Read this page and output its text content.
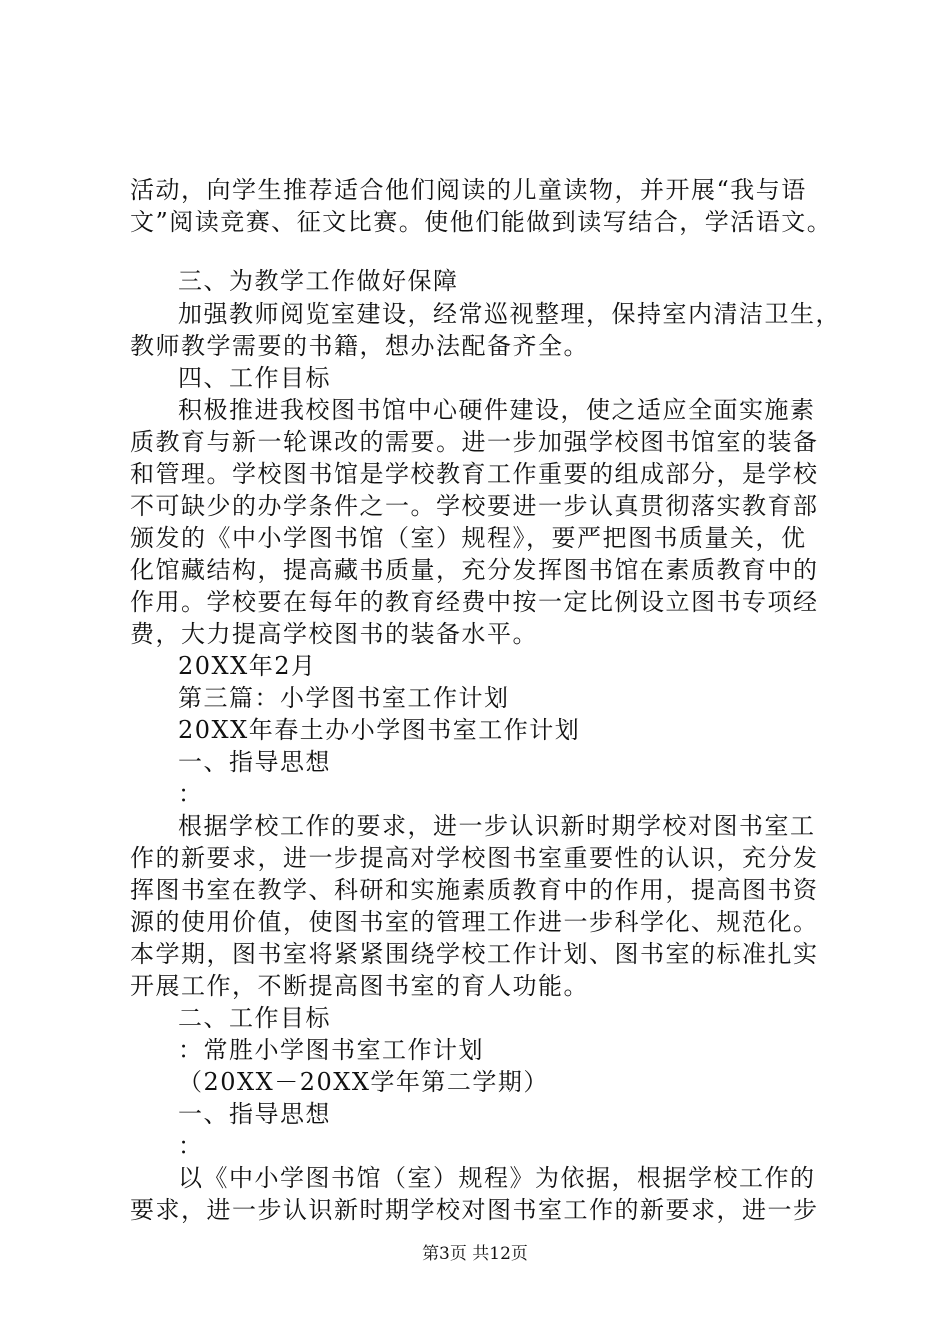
活动，向学生推荐适合他们阅读的儿童读物，并开展“我与语
文”阅读竞赛、征文比赛。使他们能做到读写结合，学活语文。
三、为教学工作做好保障
加强教师阅览室建设，经常巡视整理，保持室内清洁卫生，
教师教学需要的书籍，想办法配备齐全。
四、工作目标
积极推进我校图书馆中心硬件建设，使之适应全面实施素
质教育与新一轮课改的需要。进一步加强学校图书馆室的装备
和管理。学校图书馆是学校教育工作重要的组成部分，是学校
不可缺少的办学条件之一。学校要进一步认真贯彻落实教育部
颁发的《中小学图书馆（室）规程》，要严把图书质量关，优
化馆藏结构，提高藏书质量，充分发挥图书馆在素质教育中的
作用。学校要在每年的教育经费中按一定比例设立图书专项经
费，大力提高学校图书的装备水平。
20XX年2月
第三篇：小学图书室工作计划
20XX年春土办小学图书室工作计划
一、指导思想
：
根据学校工作的要求，进一步认识新时期学校对图书室工
作的新要求，进一步提高对学校图书室重要性的认识，充分发
挥图书室在教学、科研和实施素质教育中的作用，提高图书资
源的使用价值，使图书室的管理工作进一步科学化、规范化。
本学期，图书室将紧紧围绕学校工作计划、图书室的标准扎实
开展工作，不断提高图书室的育人功能。
二、工作目标
：常胜小学图书室工作计划
（20XX－20XX学年第二学期）
一、指导思想
：
以《中小学图书馆（室）规程》为依据，根据学校工作的
要求，进一步认识新时期学校对图书室工作的新要求，进一步
第3页 共12页
